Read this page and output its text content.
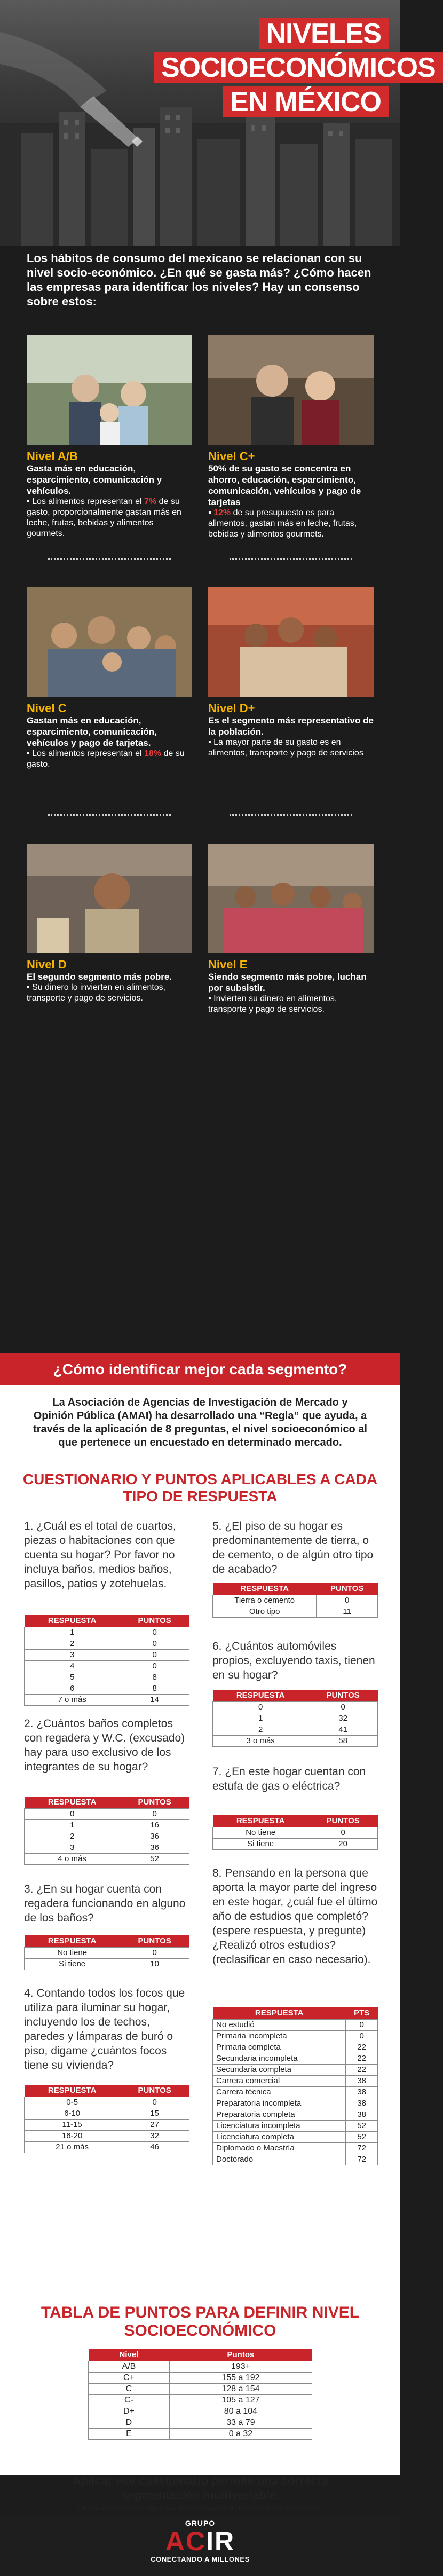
NIVELES
SOCIOECONÓMICOS
EN MÉXICO
Los hábitos de consumo del mexicano se relacionan con su nivel socio-económico. ¿En qué se gasta más? ¿Cómo hacen las empresas para identificar los niveles? Hay un consenso sobre estos:
Nivel A/B
Gasta más en educación, esparcimiento, comunicación y vehículos.
▪ Los alimentos representan el 7% de su gasto, proporcionalmente gastan más en leche, frutas, bebidas y alimentos gourmets.
Nivel C+
50% de su gasto se concentra en ahorro, educación, esparcimiento, comunicación, vehículos y pago de tarjetas
▪ 12% de su presupuesto es para alimentos, gastan más en leche, frutas, bebidas y alimentos gourmets.
Nivel C
Gastan más en educación, esparcimiento, comunicación, vehículos y pago de tarjetas.
▪ Los alimentos representan el 18% de su gasto.
Nivel D+
Es el segmento más representativo de la población.
▪ La mayor parte de su gasto es en alimentos, transporte y pago de servicios
Nivel D
El segundo segmento más pobre.
▪ Su dinero lo invierten en alimentos, transporte y pago de servicios.
Nivel E
Siendo segmento más pobre, luchan por subsistir.
▪ Invierten su dinero en alimentos, transporte y pago de servicios.
¿Cómo identificar mejor cada segmento?
La Asociación de Agencias de Investigación de Mercado y Opinión Pública (AMAI) ha desarrollado una “Regla” que ayuda, a través de la aplicación de 8 preguntas, el nivel socioeconómico al que pertenece un encuestado en determinado mercado.
CUESTIONARIO Y PUNTOS APLICABLES A CADA TIPO DE RESPUESTA
1. ¿Cuál es el total de cuartos, piezas o habitaciones con que cuenta su hogar? Por favor no incluya baños, medios baños, pasillos, patios y zotehuelas.
RESPUESTA	PUNTOS
1	0
2	0
3	0
4	0
5	8
6	8
7 o más	14
2. ¿Cuántos baños completos con regadera y W.C. (excusado) hay para uso exclusivo de los integrantes de su hogar?
RESPUESTA	PUNTOS
0	0
1	16
2	36
3	36
4 o más	52
3. ¿En su hogar cuenta con regadera funcionando en alguno de los baños?
RESPUESTA	PUNTOS
No tiene	0
Si tiene	10
4. Contando todos los focos que utiliza para iluminar su hogar, incluyendo los de techos, paredes y lámparas de buró o piso, digame ¿cuántos focos tiene su vivienda?
RESPUESTA	PUNTOS
0-5	0
6-10	15
11-15	27
16-20	32
21 o más	46
5. ¿El piso de su hogar es predominantemente de tierra, o de cemento, o de algún otro tipo de acabado?
RESPUESTA	PUNTOS
Tierra o cemento	0
Otro tipo	11
6. ¿Cuántos automóviles propios, excluyendo taxis, tienen en su hogar?
RESPUESTA	PUNTOS
0	0
1	32
2	41
3 o más	58
7. ¿En este hogar cuentan con estufa de gas o eléctrica?
RESPUESTA	PUNTOS
No tiene	0
Si tiene	20
8. Pensando en la persona que aporta la mayor parte del ingreso en este hogar, ¿cuál fue el último año de estudios que completó? (espere respuesta, y pregunte) ¿Realizó otros estudios? (reclasificar en caso necesario).
RESPUESTA	PTS
No estudió	0
Primaria incompleta	0
Primaria completa	22
Secundaria incompleta	22
Secundaria completa	22
Carrera comercial	38
Carrera técnica	38
Preparatoria incompleta	38
Preparatoria completa	38
Licenciatura incompleta	52
Licenciatura completa	52
Diplomado o Maestría	72
Doctorado	72
TABLA DE PUNTOS PARA DEFINIR NIVEL SOCIOECONÓMICO
Nivel	Puntos
A/B	193+
C+	155 a 192
C	128 a 154
C-	105 a 127
D+	80 a 104
D	33 a 79
E	0 a 32
Aplicar ese cuestionario permite una correcta segmentación multivariable.
Fuente: Asociación de Agencias de Investigación de Mercado y Opinión Pública.
GRUPO
ACIR
CONECTANDO A MILLONES
